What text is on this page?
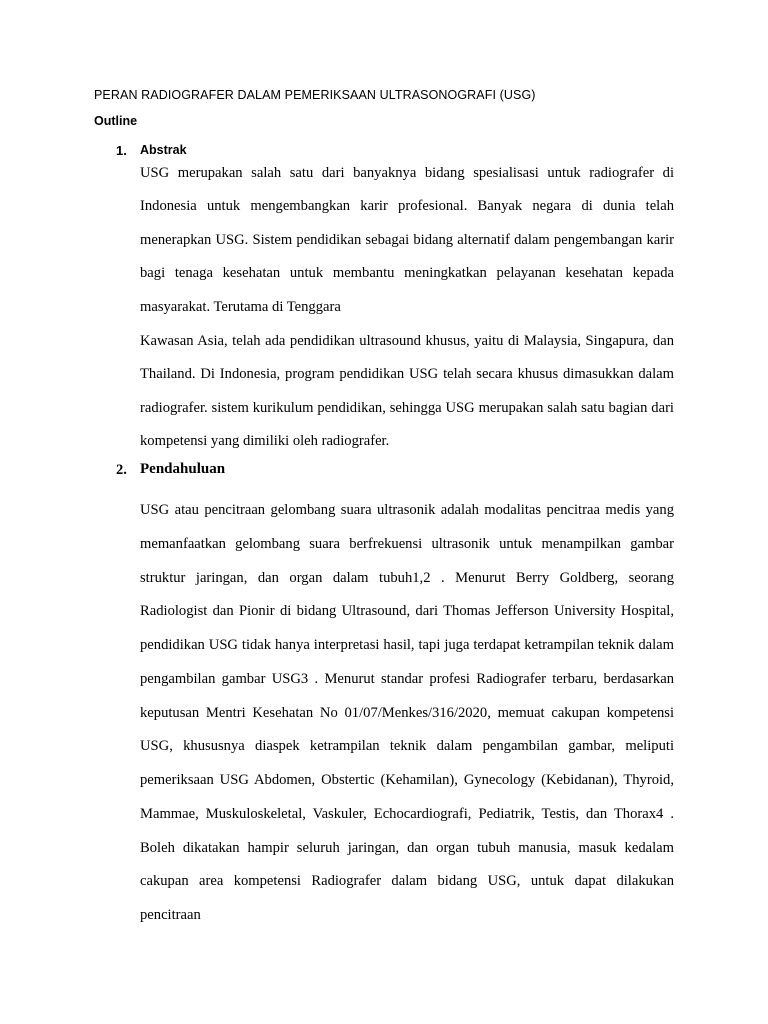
PERAN RADIOGRAFER DALAM PEMERIKSAAN ULTRASONOGRAFI (USG)
Outline
1. Abstrak

USG merupakan salah satu dari banyaknya bidang spesialisasi untuk radiografer di Indonesia untuk mengembangkan karir profesional. Banyak negara di dunia telah menerapkan USG. Sistem pendidikan sebagai bidang alternatif dalam pengembangan karir bagi tenaga kesehatan untuk membantu meningkatkan pelayanan kesehatan kepada masyarakat. Terutama di Tenggara

Kawasan Asia, telah ada pendidikan ultrasound khusus, yaitu di Malaysia, Singapura, dan Thailand. Di Indonesia, program pendidikan USG telah secara khusus dimasukkan dalam radiografer. sistem kurikulum pendidikan, sehingga USG merupakan salah satu bagian dari kompetensi yang dimiliki oleh radiografer.

2. Pendahuluan

USG atau pencitraan gelombang suara ultrasonik adalah modalitas pencitraa medis yang memanfaatkan gelombang suara berfrekuensi ultrasonik untuk menampilkan gambar struktur jaringan, dan organ dalam tubuh1,2 . Menurut Berry Goldberg, seorang Radiologist dan Pionir di bidang Ultrasound, dari Thomas Jefferson University Hospital, pendidikan USG tidak hanya interpretasi hasil, tapi juga terdapat ketrampilan teknik dalam pengambilan gambar USG3 . Menurut standar profesi Radiografer terbaru, berdasarkan keputusan Mentri Kesehatan No 01/07/Menkes/316/2020, memuat cakupan kompetensi USG, khususnya diaspek ketrampilan teknik dalam pengambilan gambar, meliputi pemeriksaan USG Abdomen, Obstertic (Kehamilan), Gynecology (Kebidanan), Thyroid, Mammae, Muskuloskeletal, Vaskuler, Echocardiografi, Pediatrik, Testis, dan Thorax4 . Boleh dikatakan hampir seluruh jaringan, dan organ tubuh manusia, masuk kedalam cakupan area kompetensi Radiografer dalam bidang USG, untuk dapat dilakukan pencitraan
